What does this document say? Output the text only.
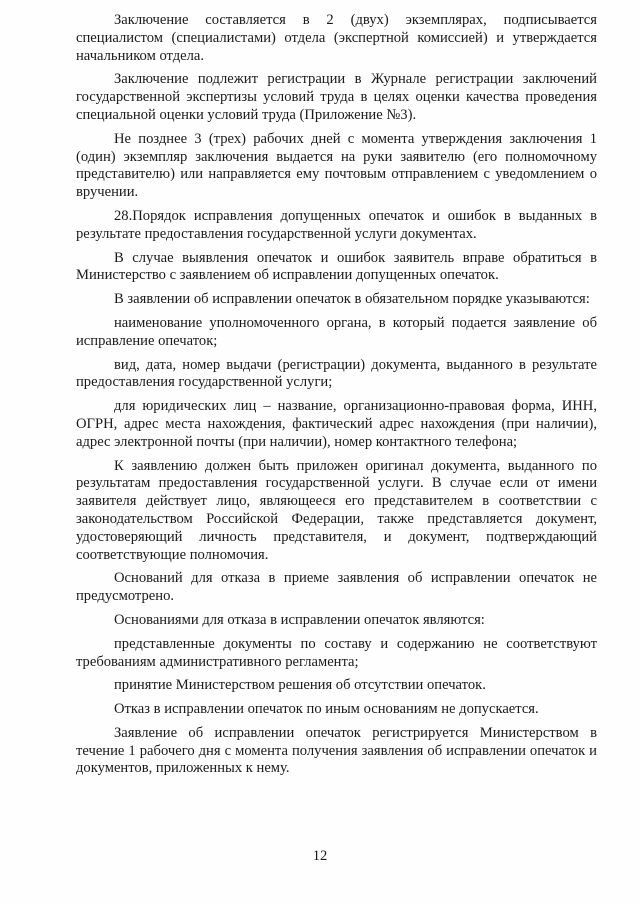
Заключение составляется в 2 (двух) экземплярах, подписывается специалистом (специалистами) отдела (экспертной комиссией) и утверждается начальником отдела.

Заключение подлежит регистрации в Журнале регистрации заключений государственной экспертизы условий труда в целях оценки качества проведения специальной оценки условий труда (Приложение №3).

Не позднее 3 (трех) рабочих дней с момента утверждения заключения 1 (один) экземпляр заключения выдается на руки заявителю (его полномочному представителю) или направляется ему почтовым отправлением с уведомлением о вручении.

28.Порядок исправления допущенных опечаток и ошибок в выданных в результате предоставления государственной услуги документах.

В случае выявления опечаток и ошибок заявитель вправе обратиться в Министерство с заявлением об исправлении допущенных опечаток.

В заявлении об исправлении опечаток в обязательном порядке указываются:

наименование уполномоченного органа, в который подается заявление об исправление опечаток;

вид, дата, номер выдачи (регистрации) документа, выданного в результате предоставления государственной услуги;

для юридических лиц – название, организационно-правовая форма, ИНН, ОГРН, адрес места нахождения, фактический адрес нахождения (при наличии), адрес электронной почты (при наличии), номер контактного телефона;

К заявлению должен быть приложен оригинал документа, выданного по результатам предоставления государственной услуги. В случае если от имени заявителя действует лицо, являющееся его представителем в соответствии с законодательством Российской Федерации, также представляется документ, удостоверяющий личность представителя, и документ, подтверждающий соответствующие полномочия.

Оснований для отказа в приеме заявления об исправлении опечаток не предусмотрено.

Основаниями для отказа в исправлении опечаток являются:

представленные документы по составу и содержанию не соответствуют требованиям административного регламента;

принятие Министерством решения об отсутствии опечаток.

Отказ в исправлении опечаток по иным основаниям не допускается.

Заявление об исправлении опечаток регистрируется Министерством в течение 1 рабочего дня с момента получения заявления об исправлении опечаток и документов, приложенных к нему.

12
